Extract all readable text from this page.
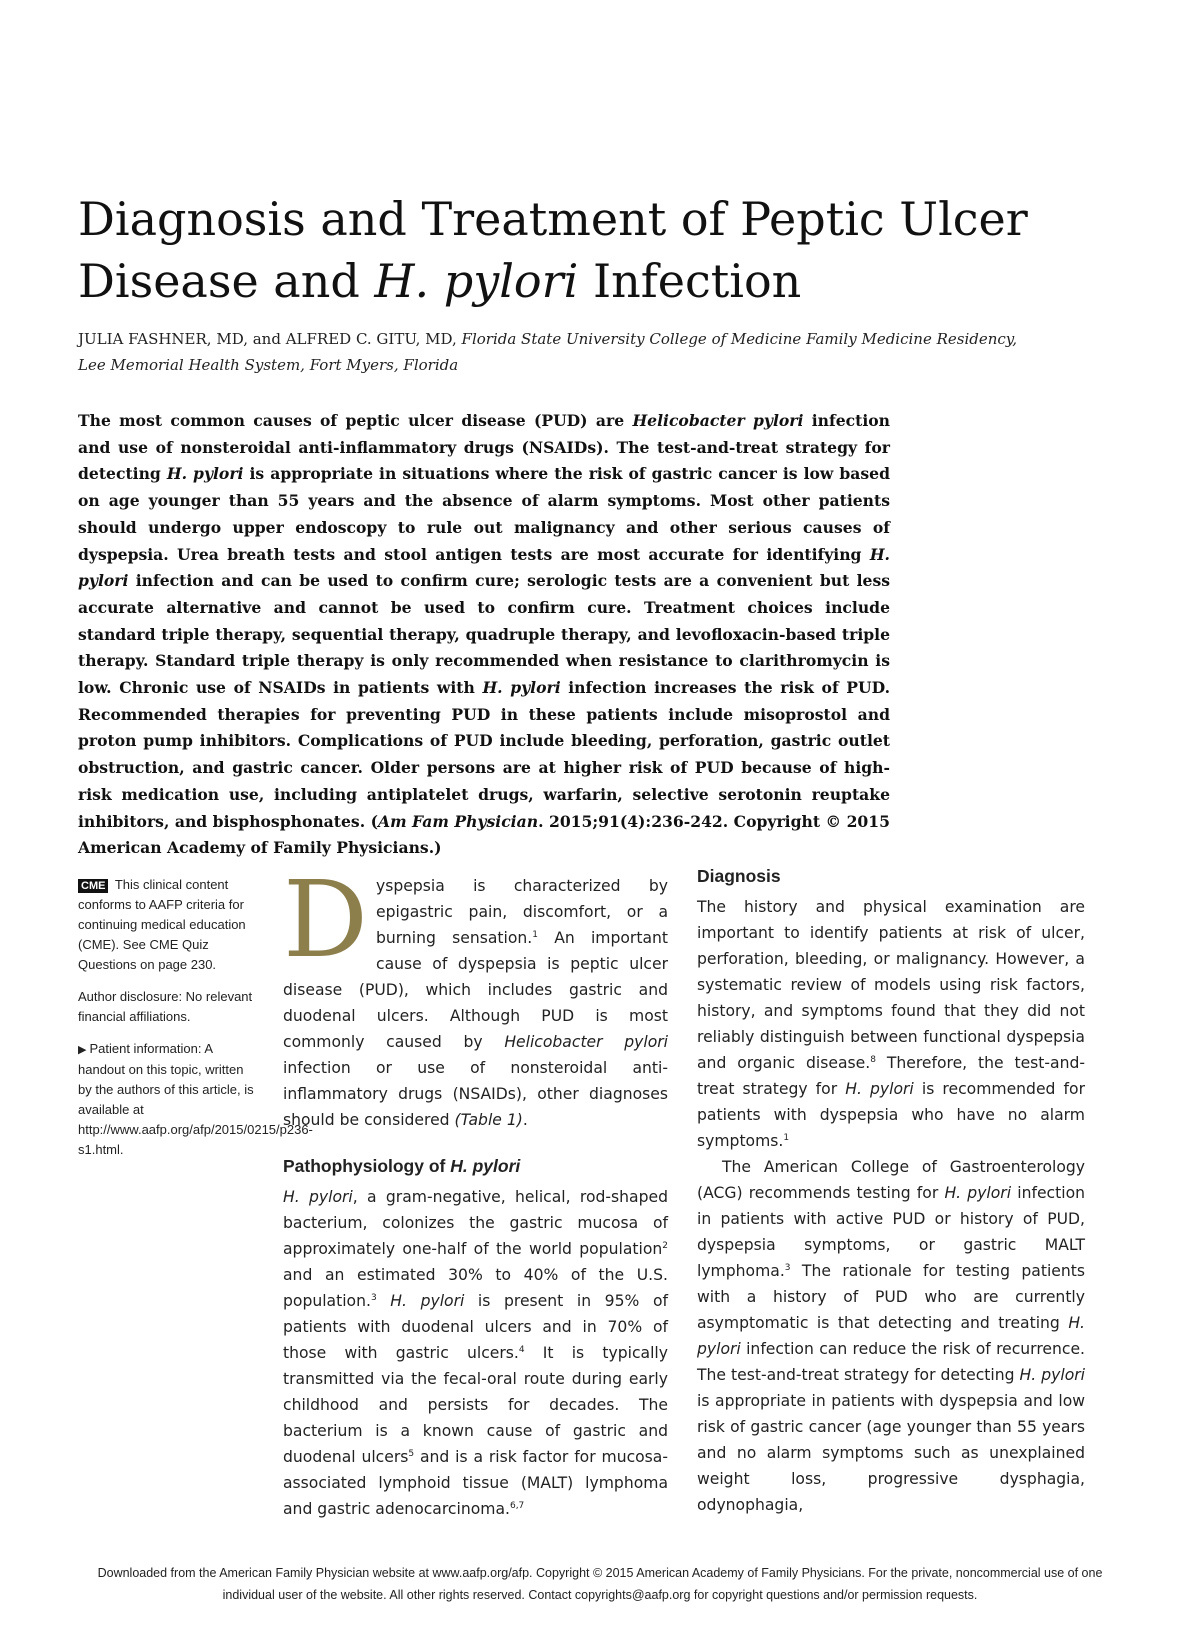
Diagnosis and Treatment of Peptic Ulcer Disease and H. pylori Infection
JULIA FASHNER, MD, and ALFRED C. GITU, MD, Florida State University College of Medicine Family Medicine Residency, Lee Memorial Health System, Fort Myers, Florida
The most common causes of peptic ulcer disease (PUD) are Helicobacter pylori infection and use of nonsteroidal anti-inflammatory drugs (NSAIDs). The test-and-treat strategy for detecting H. pylori is appropriate in situations where the risk of gastric cancer is low based on age younger than 55 years and the absence of alarm symptoms. Most other patients should undergo upper endoscopy to rule out malignancy and other serious causes of dyspepsia. Urea breath tests and stool antigen tests are most accurate for identifying H. pylori infection and can be used to confirm cure; serologic tests are a convenient but less accurate alternative and cannot be used to confirm cure. Treatment choices include standard triple therapy, sequential therapy, quadruple therapy, and levofloxacin-based triple therapy. Standard triple therapy is only recommended when resistance to clarithromycin is low. Chronic use of NSAIDs in patients with H. pylori infection increases the risk of PUD. Recommended therapies for preventing PUD in these patients include misoprostol and proton pump inhibitors. Complications of PUD include bleeding, perforation, gastric outlet obstruction, and gastric cancer. Older persons are at higher risk of PUD because of high-risk medication use, including antiplatelet drugs, warfarin, selective serotonin reuptake inhibitors, and bisphosphonates. (Am Fam Physician. 2015;91(4):236-242. Copyright © 2015 American Academy of Family Physicians.)

CME This clinical content conforms to AAFP criteria for continuing medical education (CME). See CME Quiz Questions on page 230.

Author disclosure: No relevant financial affiliations.

▶ Patient information: A handout on this topic, written by the authors of this article, is available at http://www.aafp.org/afp/2015/0215/p236-s1.html.

Dyspepsia is characterized by epigastric pain, discomfort, or a burning sensation.$^1$ An important cause of dyspepsia is peptic ulcer disease (PUD), which includes gastric and duodenal ulcers. Although PUD is most commonly caused by Helicobacter pylori infection or use of nonsteroidal anti-inflammatory drugs (NSAIDs), other diagnoses should be considered (Table 1).

Pathophysiology of H. pylori

H. pylori, a gram-negative, helical, rod-shaped bacterium, colonizes the gastric mucosa of approximately one-half of the world population$^2$ and an estimated 30% to 40% of the U.S. population.$^3$ H. pylori is present in 95% of patients with duodenal ulcers and in 70% of those with gastric ulcers.$^4$ It is typically transmitted via the fecal-oral route during early childhood and persists for decades. The bacterium is a known cause of gastric and duodenal ulcers$^5$ and is a risk factor for mucosa-associated lymphoid tissue (MALT) lymphoma and gastric adenocarcinoma.$^{6,7}$

Diagnosis

The history and physical examination are important to identify patients at risk of ulcer, perforation, bleeding, or malignancy. However, a systematic review of models using risk factors, history, and symptoms found that they did not reliably distinguish between functional dyspepsia and organic disease.$^8$ Therefore, the test-and-treat strategy for H. pylori is recommended for patients with dyspepsia who have no alarm symptoms.$^1$

The American College of Gastroenterology (ACG) recommends testing for H. pylori infection in patients with active PUD or history of PUD, dyspepsia symptoms, or gastric MALT lymphoma.$^3$ The rationale for testing patients with a history of PUD who are currently asymptomatic is that detecting and treating H. pylori infection can reduce the risk of recurrence. The test-and-treat strategy for detecting H. pylori is appropriate in patients with dyspepsia and low risk of gastric cancer (age younger than 55 years and no alarm symptoms such as unexplained weight loss, progressive dysphagia, odynophagia,

Downloaded from the American Family Physician website at www.aafp.org/afp. Copyright © 2015 American Academy of Family Physicians. For the private, noncommercial use of one individual user of the website. All other rights reserved. Contact copyrights@aafp.org for copyright questions and/or permission requests.
